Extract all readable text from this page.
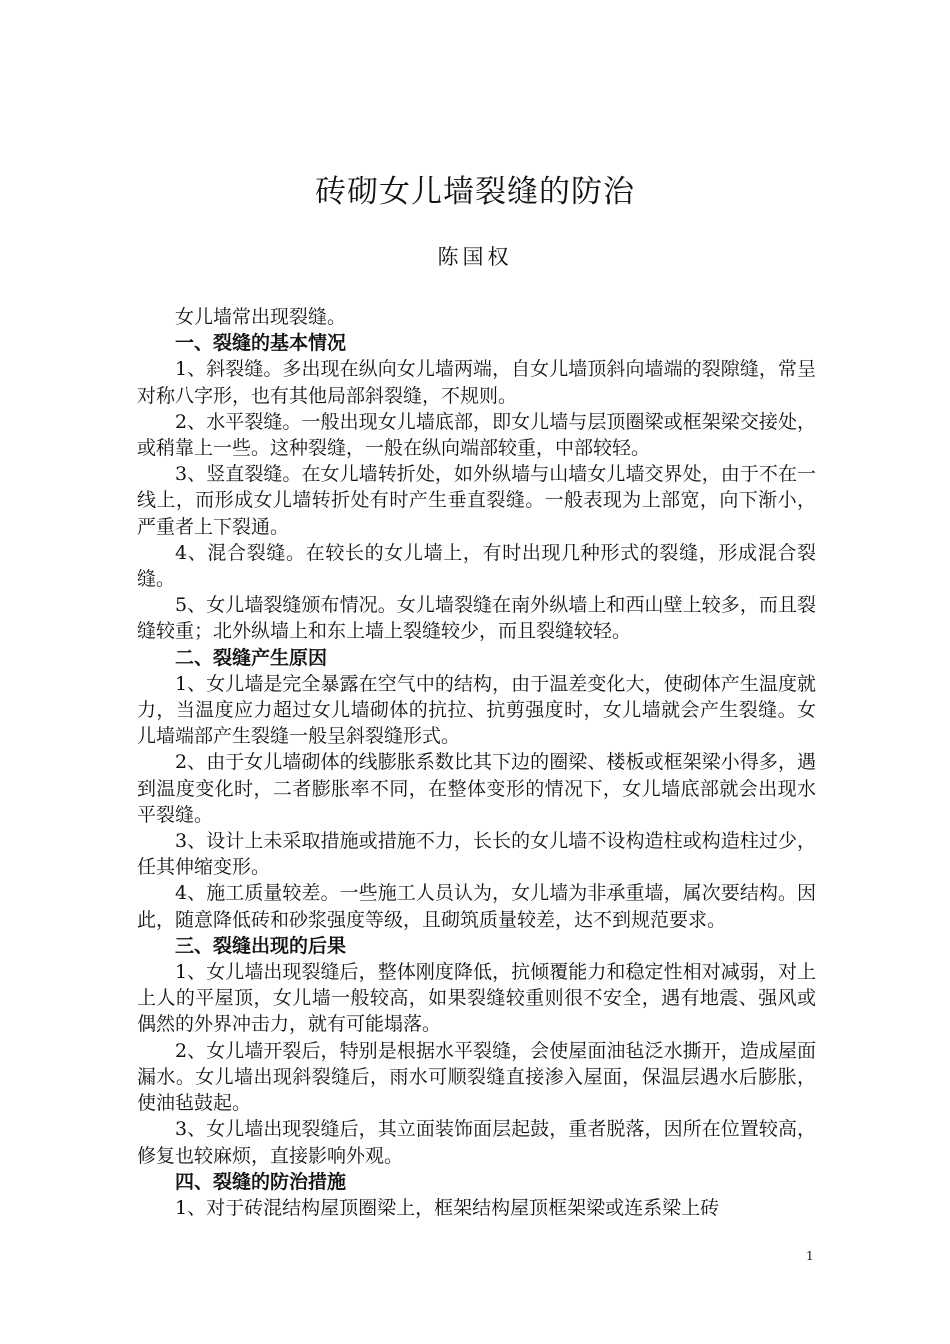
砖砌女儿墙裂缝的防治
陈国权

女儿墙常出现裂缝。

一、裂缝的基本情况

1、斜裂缝。多出现在纵向女儿墙两端，自女儿墙顶斜向墙端的裂隙缝，常呈对称八字形，也有其他局部斜裂缝，不规则。

2、水平裂缝。一般出现女儿墙底部，即女儿墙与层顶圈梁或框架梁交接处，或稍靠上一些。这种裂缝，一般在纵向端部较重，中部较轻。

3、竖直裂缝。在女儿墙转折处，如外纵墙与山墙女儿墙交界处，由于不在一线上，而形成女儿墙转折处有时产生垂直裂缝。一般表现为上部宽，向下渐小，严重者上下裂通。

4、混合裂缝。在较长的女儿墙上，有时出现几种形式的裂缝，形成混合裂缝。

5、女儿墙裂缝颁布情况。女儿墙裂缝在南外纵墙上和西山壁上较多，而且裂缝较重；北外纵墙上和东上墙上裂缝较少，而且裂缝较轻。

二、裂缝产生原因

1、女儿墙是完全暴露在空气中的结构，由于温差变化大，使砌体产生温度就力，当温度应力超过女儿墙砌体的抗拉、抗剪强度时，女儿墙就会产生裂缝。女儿墙端部产生裂缝一般呈斜裂缝形式。

2、由于女儿墙砌体的线膨胀系数比其下边的圈梁、楼板或框架梁小得多，遇到温度变化时，二者膨胀率不同，在整体变形的情况下，女儿墙底部就会出现水平裂缝。

3、设计上未采取措施或措施不力，长长的女儿墙不设构造柱或构造柱过少，任其伸缩变形。

4、施工质量较差。一些施工人员认为，女儿墙为非承重墙，属次要结构。因此，随意降低砖和砂浆强度等级，且砌筑质量较差，达不到规范要求。

三、裂缝出现的后果

1、女儿墙出现裂缝后，整体刚度降低，抗倾覆能力和稳定性相对减弱，对上上人的平屋顶，女儿墙一般较高，如果裂缝较重则很不安全，遇有地震、强风或偶然的外界冲击力，就有可能塌落。

2、女儿墙开裂后，特别是根据水平裂缝，会使屋面油毡泛水撕开，造成屋面漏水。女儿墙出现斜裂缝后，雨水可顺裂缝直接渗入屋面，保温层遇水后膨胀，使油毡鼓起。

3、女儿墙出现裂缝后，其立面装饰面层起鼓，重者脱落，因所在位置较高，修复也较麻烦，直接影响外观。

四、裂缝的防治措施

1、对于砖混结构屋顶圈梁上，框架结构屋顶框架梁或连系梁上砖

1
